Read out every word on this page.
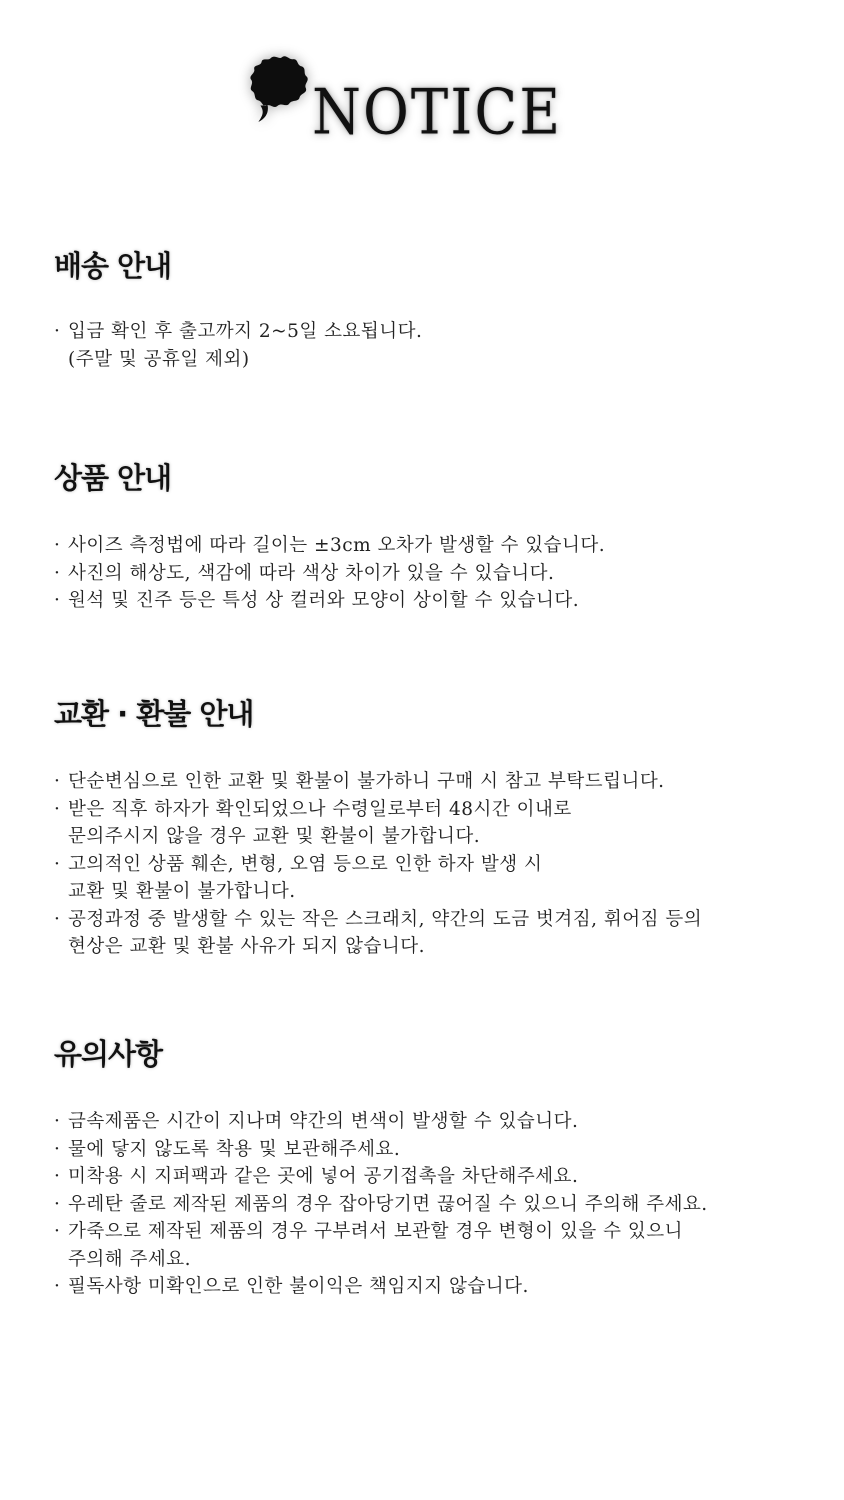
NOTICE
배송 안내
· 입금 확인 후 출고까지 2~5일 소요됩니다.
(주말 및 공휴일 제외)
상품 안내
· 사이즈 측정법에 따라 길이는 ±3cm 오차가 발생할 수 있습니다.
· 사진의 해상도, 색감에 따라 색상 차이가 있을 수 있습니다.
· 원석 및 진주 등은 특성 상 컬러와 모양이 상이할 수 있습니다.
교환 · 환불 안내
· 단순변심으로 인한 교환 및 환불이 불가하니 구매 시 참고 부탁드립니다.
· 받은 직후 하자가 확인되었으나 수령일로부터 48시간 이내로
문의주시지 않을 경우 교환 및 환불이 불가합니다.
· 고의적인 상품 훼손, 변형, 오염 등으로 인한 하자 발생 시
교환 및 환불이 불가합니다.
· 공정과정 중 발생할 수 있는 작은 스크래치, 약간의 도금 벗겨짐, 휘어짐 등의
현상은 교환 및 환불 사유가 되지 않습니다.
유의사항
· 금속제품은 시간이 지나며 약간의 변색이 발생할 수 있습니다.
· 물에 닿지 않도록 착용 및 보관해주세요.
· 미착용 시 지퍼팩과 같은 곳에 넣어 공기접촉을 차단해주세요.
· 우레탄 줄로 제작된 제품의 경우 잡아당기면 끊어질 수 있으니 주의해 주세요.
· 가죽으로 제작된 제품의 경우 구부려서 보관할 경우 변형이 있을 수 있으니
주의해 주세요.
· 필독사항 미확인으로 인한 불이익은 책임지지 않습니다.
